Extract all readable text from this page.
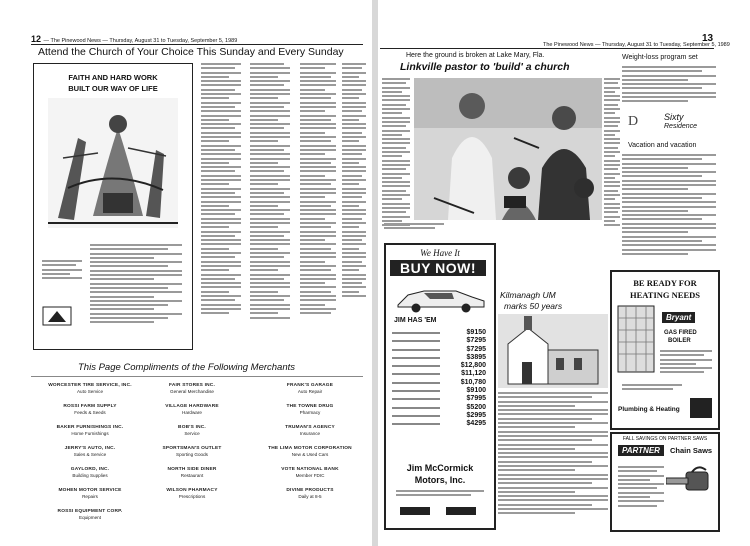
12 — The Pinewood News — Thursday, August 31 to Tuesday, September 5, 1989
Attend the Church of Your Choice This Sunday and Every Sunday
FAITH AND HARD WORK
BUILT OUR WAY OF LIFE
This Page Compliments of the Following Merchants
WORCESTER TIRE SERVICE, INC.
Auto Service
ROSSI FARM SUPPLY
Feeds & Seeds
BAKER FURNISHINGS INC.
Home Furnishings
JERRY'S AUTO, INC.
Sales & Service
GAYLORD, INC.
Building Supplies
MOHEN MOTOR SERVICE
Repairs
ROSSI EQUIPMENT CORP.
Equipment
FAIR STORES INC.
General Merchandise
VILLAGE HARDWARE
Hardware
BOB'S INC.
Service
SPORTSMAN'S OUTLET
Sporting Goods
NORTH SIDE DINER
Restaurant
WILSON PHARMACY
Prescriptions
FRANK'S GARAGE
Auto Repair
THE TOWNE DRUG
Pharmacy
TRUMAN'S AGENCY
Insurance
THE LIMA MOTOR CORPORATION
New & Used Cars
VOTE NATIONAL BANK
Member FDIC
DIVINE PRODUCTS
Daily at 8-5
The Pinewood News — Thursday, August 31 to Tuesday, September 5, 1989
13
Here the ground is broken at Lake Mary, Fla.
Linkville pastor to 'build' a church
Weight-loss program set
D	Sixty
Residence
Vacation and vacation
We Have It
BUY NOW!
JIM HAS 'EM
$9150
$7295
$7295
$3895
$12,800
$11,120
$10,780
$9100
$7995
$5200
$2995
$4295
Jim McCormick
Motors, Inc.
Kilmanagh UM
marks 50 years
BE READY FOR
HEATING NEEDS
Bryant
GAS FIRED
BOILER
Plumbing & Heating
FALL SAVINGS ON PARTNER SAWS
PARTNER	Chain Saws
